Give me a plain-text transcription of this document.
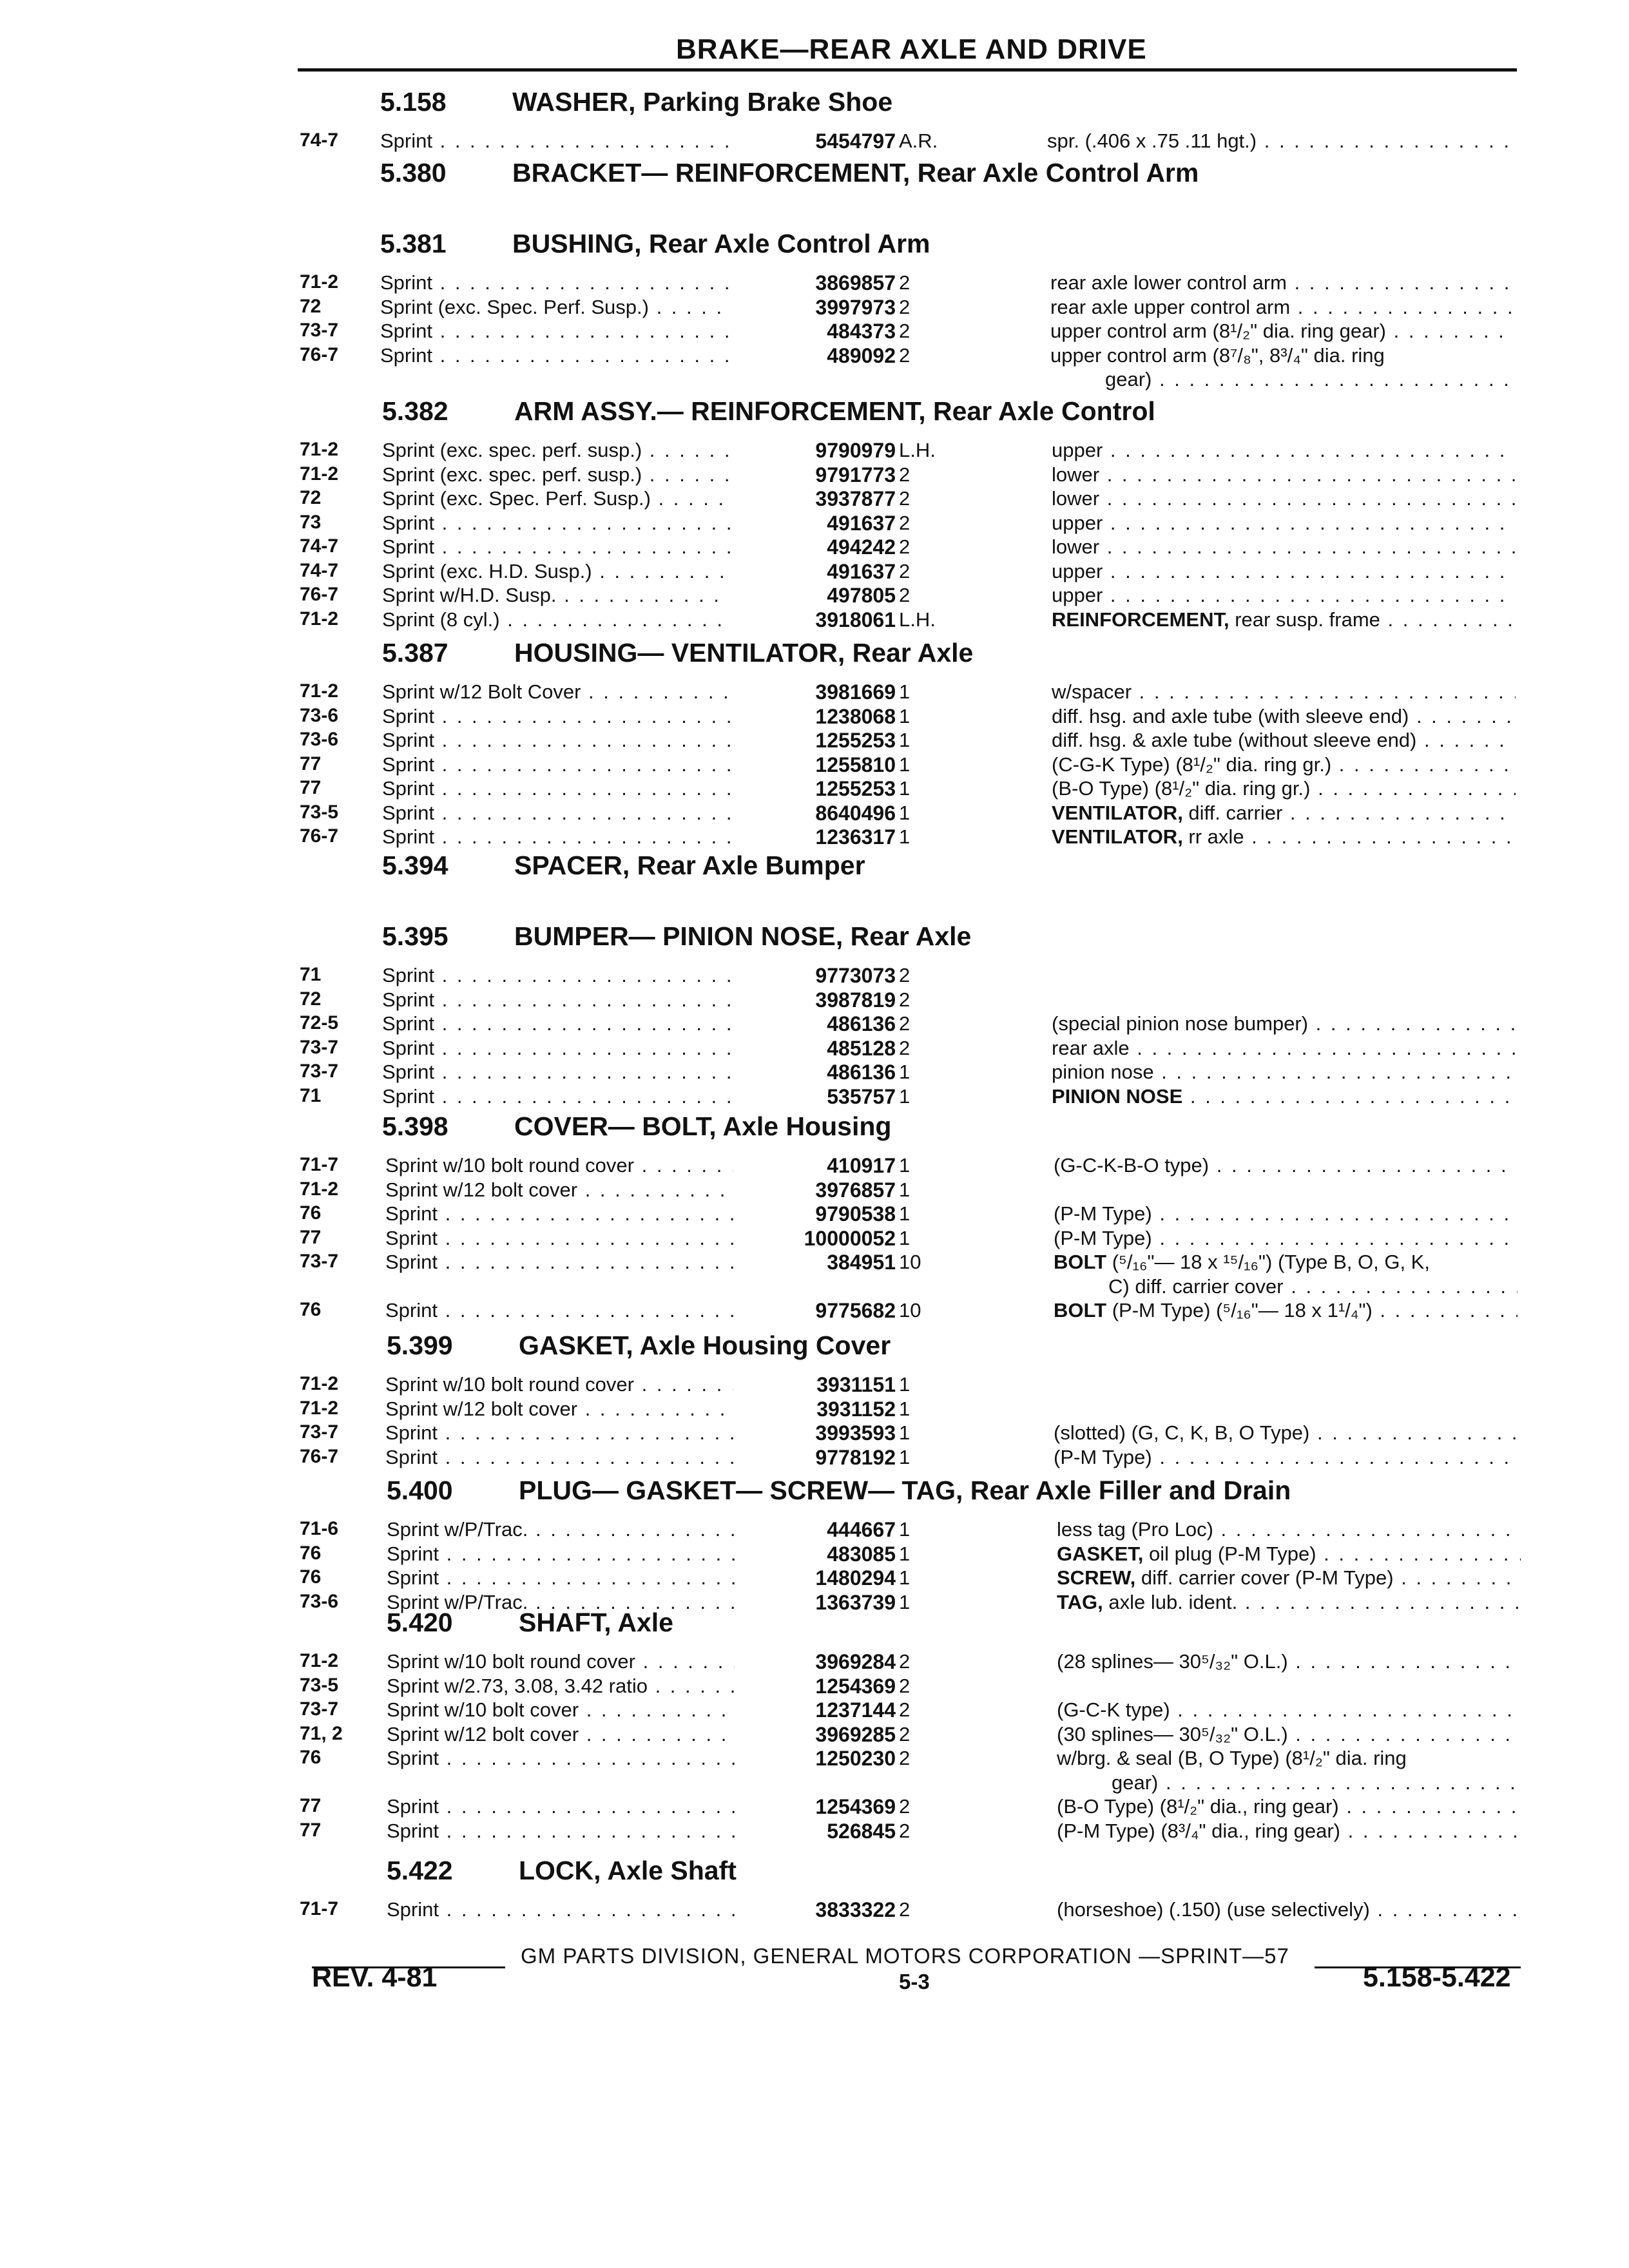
BRAKE—REAR AXLE AND DRIVE
5.158	WASHER, Parking Brake Shoe
74-7	Sprint . . .	5454797 A.R.	spr. (.406 x .75 .11 hgt.) . . .
5.380	BRACKET— REINFORCEMENT, Rear Axle Control Arm
5.381	BUSHING, Rear Axle Control Arm
71-2	Sprint . . .	3869857 2	rear axle lower control arm . . .
72	Sprint (exc. Spec. Perf. Susp.) . . .	3997973 2	rear axle upper control arm . . .
73-7	Sprint . . .	484373 2	upper control arm (8¹/₂" dia. ring gear) . . .
76-7	Sprint . . .	489092 2	upper control arm (8⁷/₈", 8³/₄" dia. ring
gear) . . .
5.382	ARM ASSY.— REINFORCEMENT, Rear Axle Control
71-2	Sprint (exc. spec. perf. susp.) . . .	9790979 L.H.	upper . . .
71-2	Sprint (exc. spec. perf. susp.) . . .	9791773 2	lower . . .
72	Sprint (exc. Spec. Perf. Susp.) . . .	3937877 2	lower . . .
73	Sprint . . .	491637 2	upper . . .
74-7	Sprint . . .	494242 2	lower . . .
74-7	Sprint (exc. H.D. Susp.) . . .	491637 2	upper . . .
76-7	Sprint w/H.D. Susp. . . .	497805 2	upper . . .
71-2	Sprint (8 cyl.) . . .	3918061 L.H.	REINFORCEMENT, rear susp. frame . . .
5.387	HOUSING— VENTILATOR, Rear Axle
71-2	Sprint w/12 Bolt Cover . . .	3981669 1	w/spacer . . .
73-6	Sprint . . .	1238068 1	diff. hsg. and axle tube (with sleeve end) . . .
73-6	Sprint . . .	1255253 1	diff. hsg. & axle tube (without sleeve end) . . .
77	Sprint . . .	1255810 1	(C-G-K Type) (8¹/₂" dia. ring gr.) . . .
77	Sprint . . .	1255253 1	(B-O Type) (8¹/₂" dia. ring gr.) . . .
73-5	Sprint . . .	8640496 1	VENTILATOR, diff. carrier . . .
76-7	Sprint . . .	1236317 1	VENTILATOR, rr axle . . .
5.394	SPACER, Rear Axle Bumper
5.395	BUMPER— PINION NOSE, Rear Axle
71	Sprint . . .	9773073 2
72	Sprint . . .	3987819 2
72-5	Sprint . . .	486136 2	(special pinion nose bumper) . . .
73-7	Sprint . . .	485128 2	rear axle . . .
73-7	Sprint . . .	486136 1	pinion nose . . .
71	Sprint . . .	535757 1	PINION NOSE . . .
5.398	COVER— BOLT, Axle Housing
71-7	Sprint w/10 bolt round cover . . .	410917 1	(G-C-K-B-O type) . . .
71-2	Sprint w/12 bolt cover . . .	3976857 1
76	Sprint . . .	9790538 1	(P-M Type) . . .
77	Sprint . . .	10000052 1	(P-M Type) . . .
73-7	Sprint . . .	384951 10	BOLT (⁵/₁₆"— 18 x ¹⁵/₁₆") (Type B, O, G, K,
C) diff. carrier cover . . .
76	Sprint . . .	9775682 10	BOLT (P-M Type) (⁵/₁₆"— 18 x 1¹/₄") . . .
5.399	GASKET, Axle Housing Cover
71-2	Sprint w/10 bolt round cover . . .	3931151 1
71-2	Sprint w/12 bolt cover . . .	3931152 1
73-7	Sprint . . .	3993593 1	(slotted) (G, C, K, B, O Type) . . .
76-7	Sprint . . .	9778192 1	(P-M Type) . . .
5.400	PLUG— GASKET— SCREW— TAG, Rear Axle Filler and Drain
71-6	Sprint w/P/Trac. . . .	444667 1	less tag (Pro Loc) . . .
76	Sprint . . .	483085 1	GASKET, oil plug (P-M Type) . . .
76	Sprint . . .	1480294 1	SCREW, diff. carrier cover (P-M Type) . . .
73-6	Sprint w/P/Trac. . . .	1363739 1	TAG, axle lub. ident. . . .
5.420	SHAFT, Axle
71-2	Sprint w/10 bolt round cover . . .	3969284 2	(28 splines— 30⁵/₃₂" O.L.) . . .
73-5	Sprint w/2.73, 3.08, 3.42 ratio . . .	1254369 2
73-7	Sprint w/10 bolt cover . . .	1237144 2	(G-C-K type) . . .
71, 2	Sprint w/12 bolt cover . . .	3969285 2	(30 splines— 30⁵/₃₂" O.L.) . . .
76	Sprint . . .	1250230 2	w/brg. & seal (B, O Type) (8¹/₂" dia. ring
gear) . . .
77	Sprint . . .	1254369 2	(B-O Type) (8¹/₂" dia., ring gear) . . .
77	Sprint . . .	526845 2	(P-M Type) (8³/₄" dia., ring gear) . . .
5.422	LOCK, Axle Shaft
71-7	Sprint . . .	3833322 2	(horseshoe) (.150) (use selectively) . . .
GM PARTS DIVISION, GENERAL MOTORS CORPORATION —SPRINT—57
REV. 4-81	5-3	5.158-5.422
